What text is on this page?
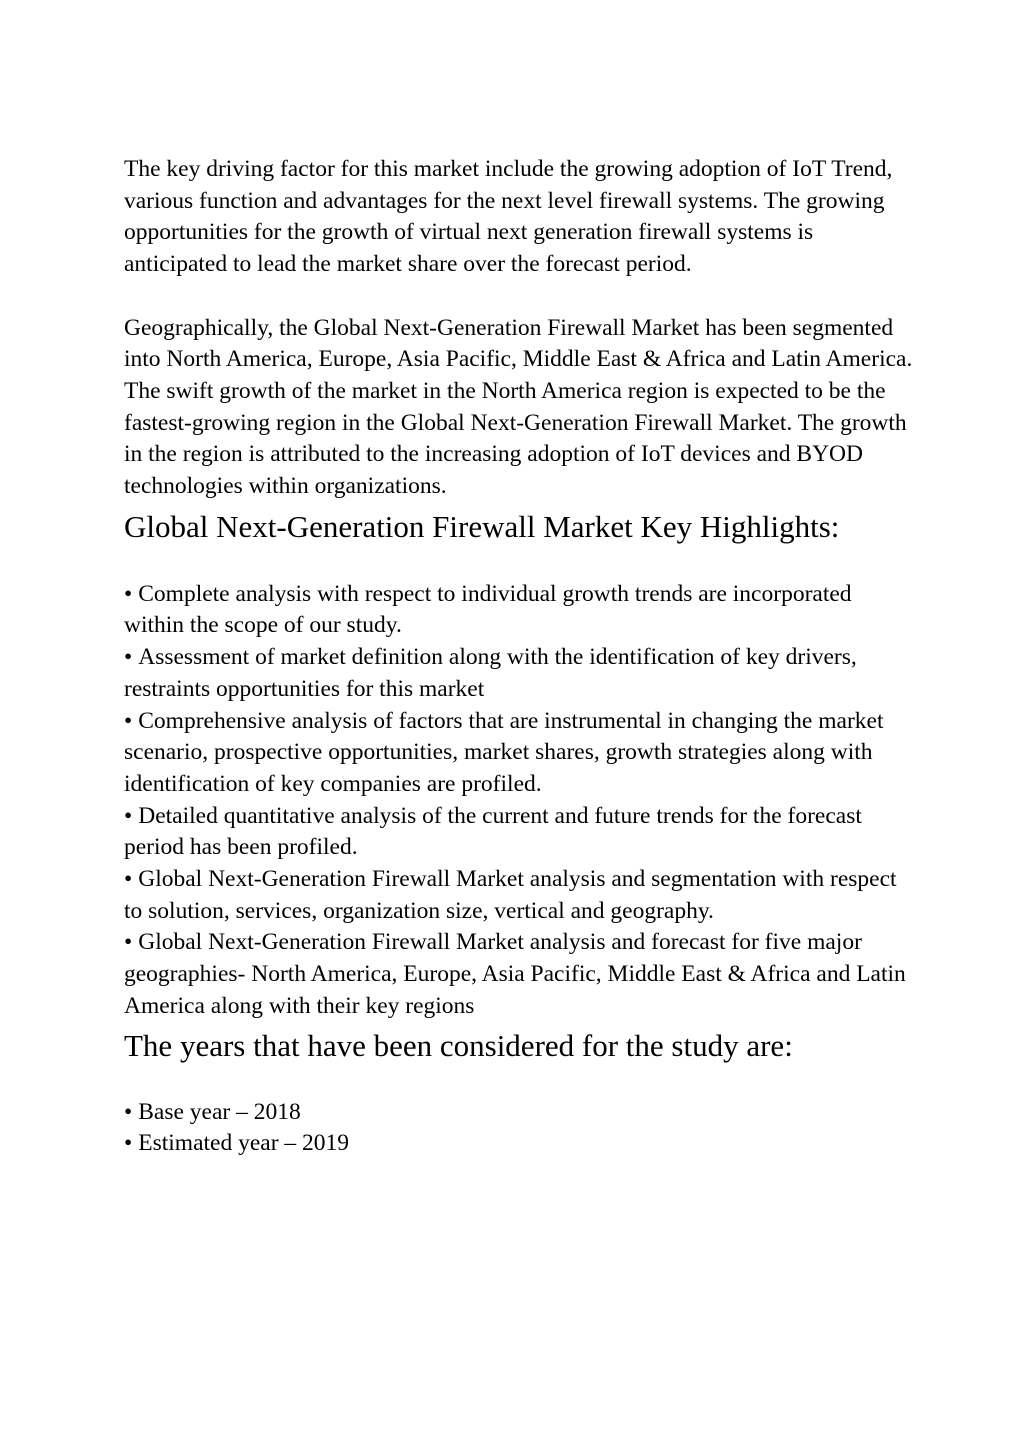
The key driving factor for this market include the growing adoption of IoT Trend, various function and advantages for the next level firewall systems. The growing opportunities for the growth of virtual next generation firewall systems is anticipated to lead the market share over the forecast period.

Geographically, the Global Next-Generation Firewall Market has been segmented into North America, Europe, Asia Pacific, Middle East & Africa and Latin America. The swift growth of the market in the North America region is expected to be the fastest-growing region in the Global Next-Generation Firewall Market. The growth in the region is attributed to the increasing adoption of IoT devices and BYOD technologies within organizations.

Global Next-Generation Firewall Market Key Highlights:
• Complete analysis with respect to individual growth trends are incorporated within the scope of our study.
• Assessment of market definition along with the identification of key drivers, restraints opportunities for this market
• Comprehensive analysis of factors that are instrumental in changing the market scenario, prospective opportunities, market shares, growth strategies along with identification of key companies are profiled.
• Detailed quantitative analysis of the current and future trends for the forecast period has been profiled.
• Global Next-Generation Firewall Market analysis and segmentation with respect to solution, services, organization size, vertical and geography.
• Global Next-Generation Firewall Market analysis and forecast for five major geographies- North America, Europe, Asia Pacific, Middle East & Africa and Latin America along with their key regions
The years that have been considered for the study are:
• Base year – 2018
• Estimated year – 2019
